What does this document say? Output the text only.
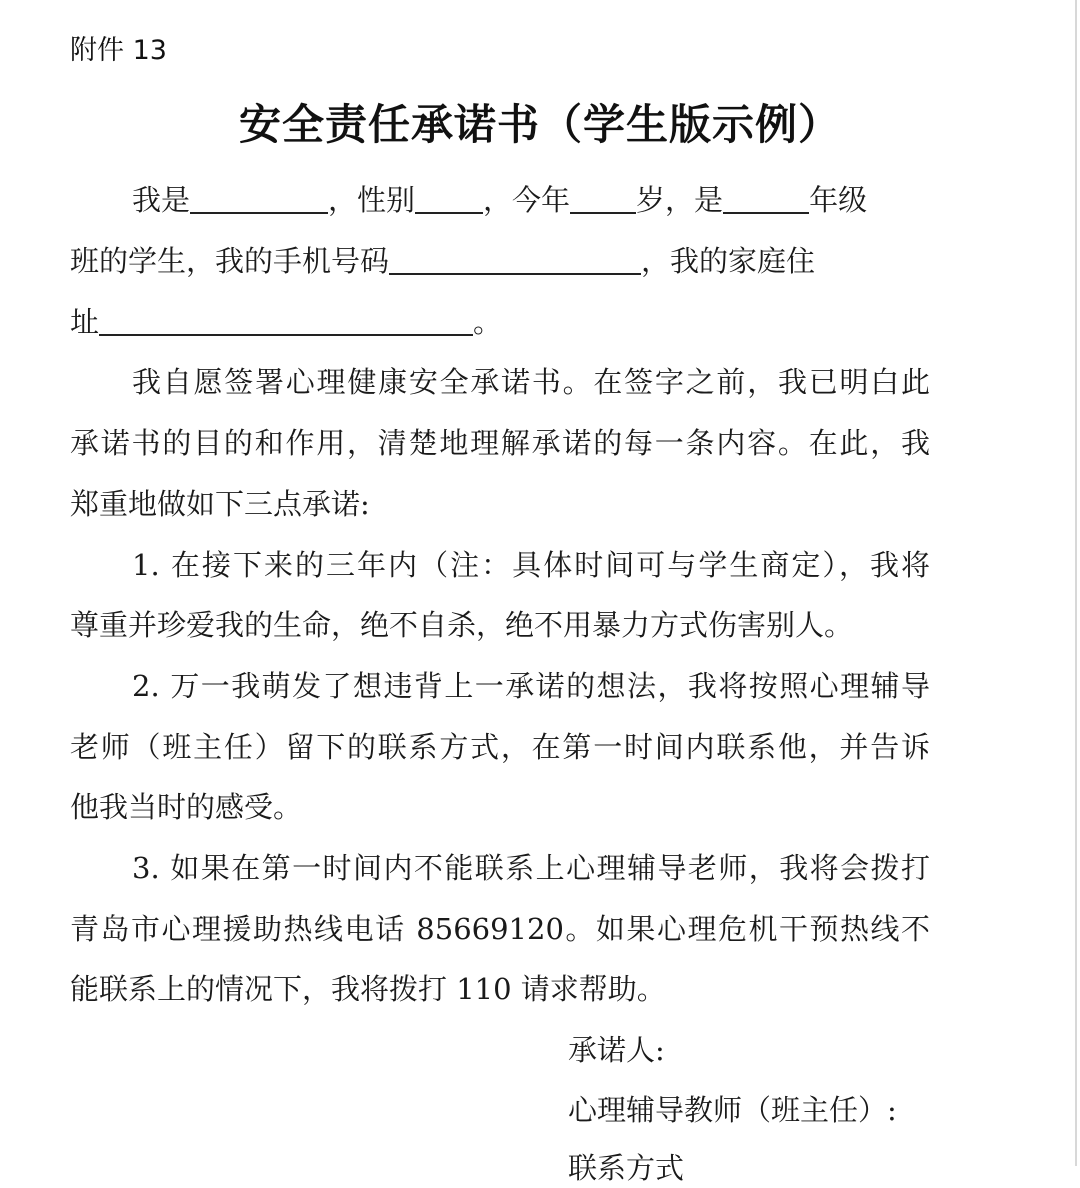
附件 13
安全责任承诺书（学生版示例）
我是	，性别 ，今年 岁，是	年级
班的学生，我的手机号码	，我的家庭住
址	。
我自愿签署心理健康安全承诺书。在签字之前，我已明白此
承诺书的目的和作用，清楚地理解承诺的每一条内容。在此，我
郑重地做如下三点承诺:
1. 在接下来的三年内（注：具体时间可与学生商定），我将
尊重并珍爱我的生命，绝不自杀，绝不用暴力方式伤害别人。
2. 万一我萌发了想违背上一承诺的想法，我将按照心理辅导
老师（班主任）留下的联系方式，在第一时间内联系他，并告诉
他我当时的感受。
3. 如果在第一时间内不能联系上心理辅导老师，我将会拨打
青岛市心理援助热线电话 85669120。如果心理危机干预热线不
能联系上的情况下，我将拨打 110 请求帮助。
承诺人:
心理辅导教师（班主任）:
联系方式
